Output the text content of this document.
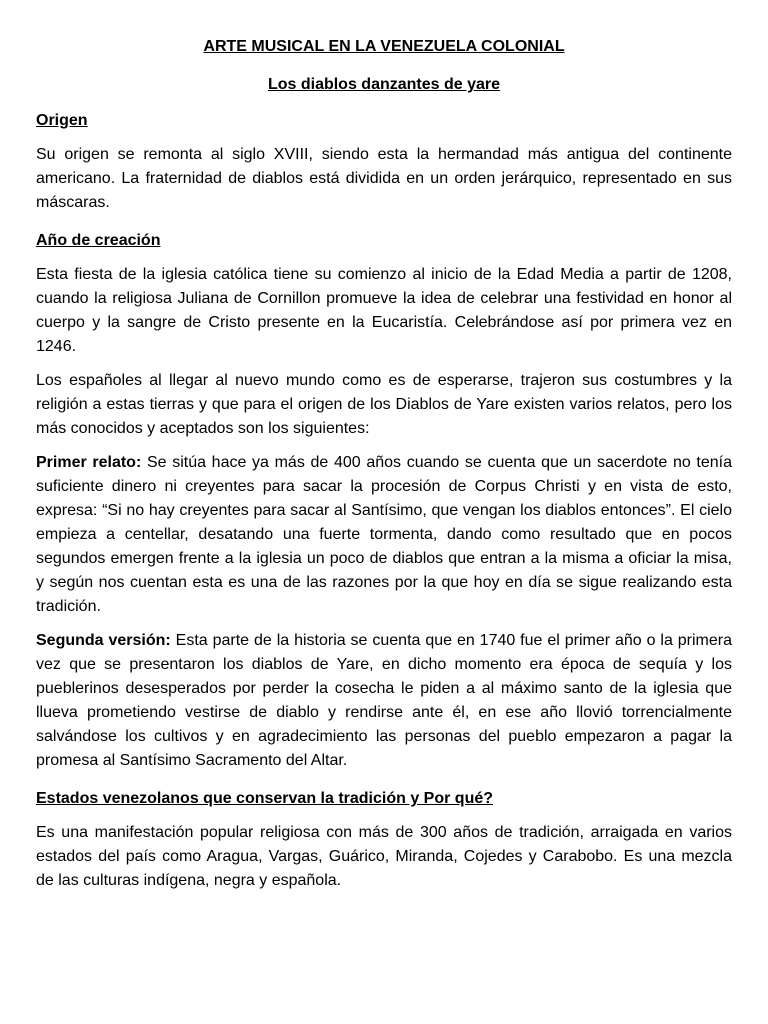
ARTE MUSICAL EN LA VENEZUELA COLONIAL
Los diablos danzantes de yare
Origen

Su origen se remonta al siglo XVIII, siendo esta la hermandad más antigua del continente americano. La fraternidad de diablos está dividida en un orden jerárquico, representado en sus máscaras.

Año de creación

Esta fiesta de la iglesia católica tiene su comienzo al inicio de la Edad Media a partir de 1208, cuando la religiosa Juliana de Cornillon promueve la idea de celebrar una festividad en honor al cuerpo y la sangre de Cristo presente en la Eucaristía. Celebrándose así por primera vez en 1246.

Los españoles al llegar al nuevo mundo como es de esperarse, trajeron sus costumbres y la religión a estas tierras y que para el origen de los Diablos de Yare existen varios relatos, pero los más conocidos y aceptados son los siguientes:

Primer relato: Se sitúa hace ya más de 400 años cuando se cuenta que un sacerdote no tenía suficiente dinero ni creyentes para sacar la procesión de Corpus Christi y en vista de esto, expresa: “Si no hay creyentes para sacar al Santísimo, que vengan los diablos entonces”. El cielo empieza a centellar, desatando una fuerte tormenta, dando como resultado que en pocos segundos emergen frente a la iglesia un poco de diablos que entran a la misma a oficiar la misa, y según nos cuentan esta es una de las razones por la que hoy en día se sigue realizando esta tradición.

Segunda versión: Esta parte de la historia se cuenta que en 1740 fue el primer año o la primera vez que se presentaron los diablos de Yare, en dicho momento era época de sequía y los pueblerinos desesperados por perder la cosecha le piden a al máximo santo de la iglesia que llueva prometiendo vestirse de diablo y rendirse ante él, en ese año llovió torrencialmente salvándose los cultivos y en agradecimiento las personas del pueblo empezaron a pagar la promesa al Santísimo Sacramento del Altar.

Estados venezolanos que conservan la tradición y Por qué?

Es una manifestación popular religiosa con más de 300 años de tradición, arraigada en varios estados del país como Aragua, Vargas, Guárico, Miranda, Cojedes y Carabobo. Es una mezcla de las culturas indígena, negra y española.
